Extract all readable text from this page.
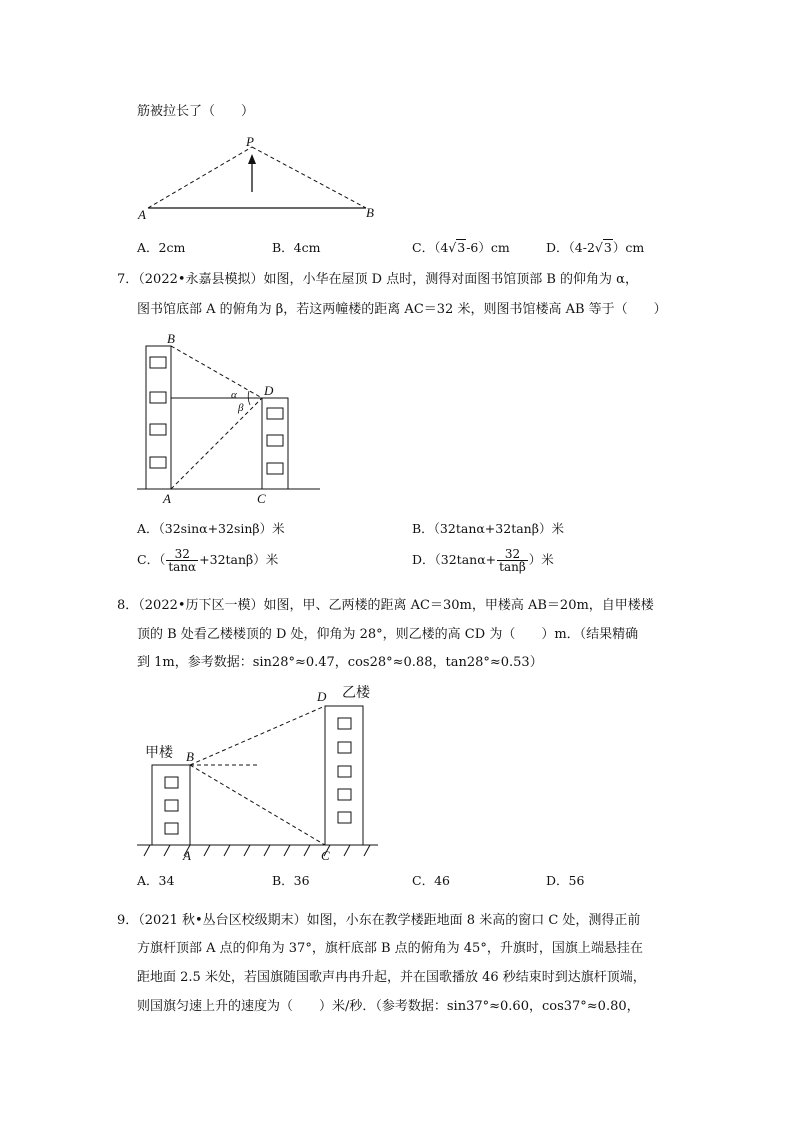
筋被拉长了（　　）
P
A	B
A．2cm	B．4cm	C．（4√3-6）cm	D．（4-2√3）cm
7．（2022•永嘉县模拟）如图，小华在屋顶 D 点时，测得对面图书馆顶部 B 的仰角为 α，
图书馆底部 A 的俯角为 β，若这两幢楼的距离 AC＝32 米，则图书馆楼高 AB 等于（　　）
B
D
A	C
α
β
A．（32sinα+32sinβ）米	B．（32tanα+32tanβ）米
C．（ $\frac{32}{\tan\alpha} +32\tan\beta$）米	D．（$32\tan\alpha+ \frac{32}{\tan\beta}$ ）米
8．（2022•历下区一模）如图，甲、乙两楼的距离 AC＝30m，甲楼高 AB＝20m，自甲楼楼
顶的 B 处看乙楼楼顶的 D 处，仰角为 28°，则乙楼的高 CD 为（　　）m．（结果精确
到 1m，参考数据：sin28°≈0.47，cos28°≈0.88，tan28°≈0.53）
甲楼
乙楼
B
D
A	C
A．34	B．36	C．46	D．56
9．（2021 秋•丛台区校级期末）如图，小东在教学楼距地面 8 米高的窗口 C 处，测得正前
方旗杆顶部 A 点的仰角为 37°，旗杆底部 B 点的俯角为 45°，升旗时，国旗上端悬挂在
距地面 2.5 米处，若国旗随国歌声冉冉升起，并在国歌播放 46 秒结束时到达旗杆顶端，
则国旗匀速上升的速度为（　　）米/秒．（参考数据：sin37°≈0.60，cos37°≈0.80，
